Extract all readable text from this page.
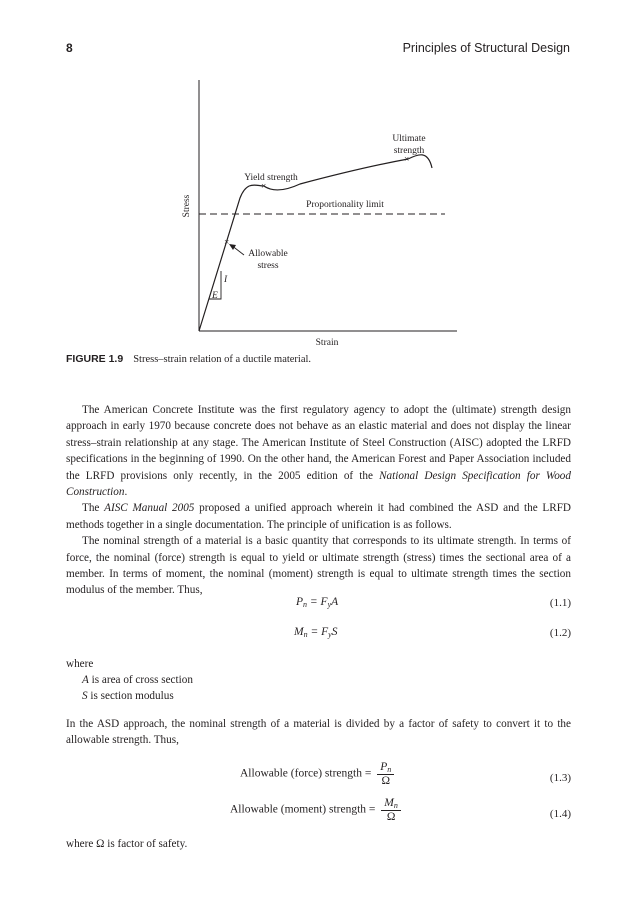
8	Principles of Structural Design
×
×
×
Stress
Strain
Ultimate
strength
Yield strength
Proportionality limit
Allowable
stress
I
E
FIGURE 1.9 Stress–strain relation of a ductile material.

The American Concrete Institute was the first regulatory agency to adopt the (ultimate) strength design approach in early 1970 because concrete does not behave as an elastic material and does not display the linear stress–strain relationship at any stage. The American Institute of Steel Construction (AISC) adopted the LRFD specifications in the beginning of 1990. On the other hand, the American Forest and Paper Association included the LRFD provisions only recently, in the 2005 edition of the National Design Specification for Wood Construction.

The AISC Manual 2005 proposed a unified approach wherein it had combined the ASD and the LRFD methods together in a single documentation. The principle of unification is as follows.

The nominal strength of a material is a basic quantity that corresponds to its ultimate strength. In terms of force, the nominal (force) strength is equal to yield or ultimate strength (stress) times the sectional area of a member. In terms of moment, the nominal (moment) strength is equal to ultimate strength times the section modulus of the member. Thus,

$P_n = F_yA$	(1.1)
$M_n = F_yS$	(1.2)

where

A is area of cross section

S is section modulus

In the ASD approach, the nominal strength of a material is divided by a factor of safety to convert it to the allowable strength. Thus,

Allowable (force) strength = $\frac{P_n}{\Omega}$	(1.3)
Allowable (moment) strength = $\frac{M_n}{\Omega}$	(1.4)

where Ω is factor of safety.
